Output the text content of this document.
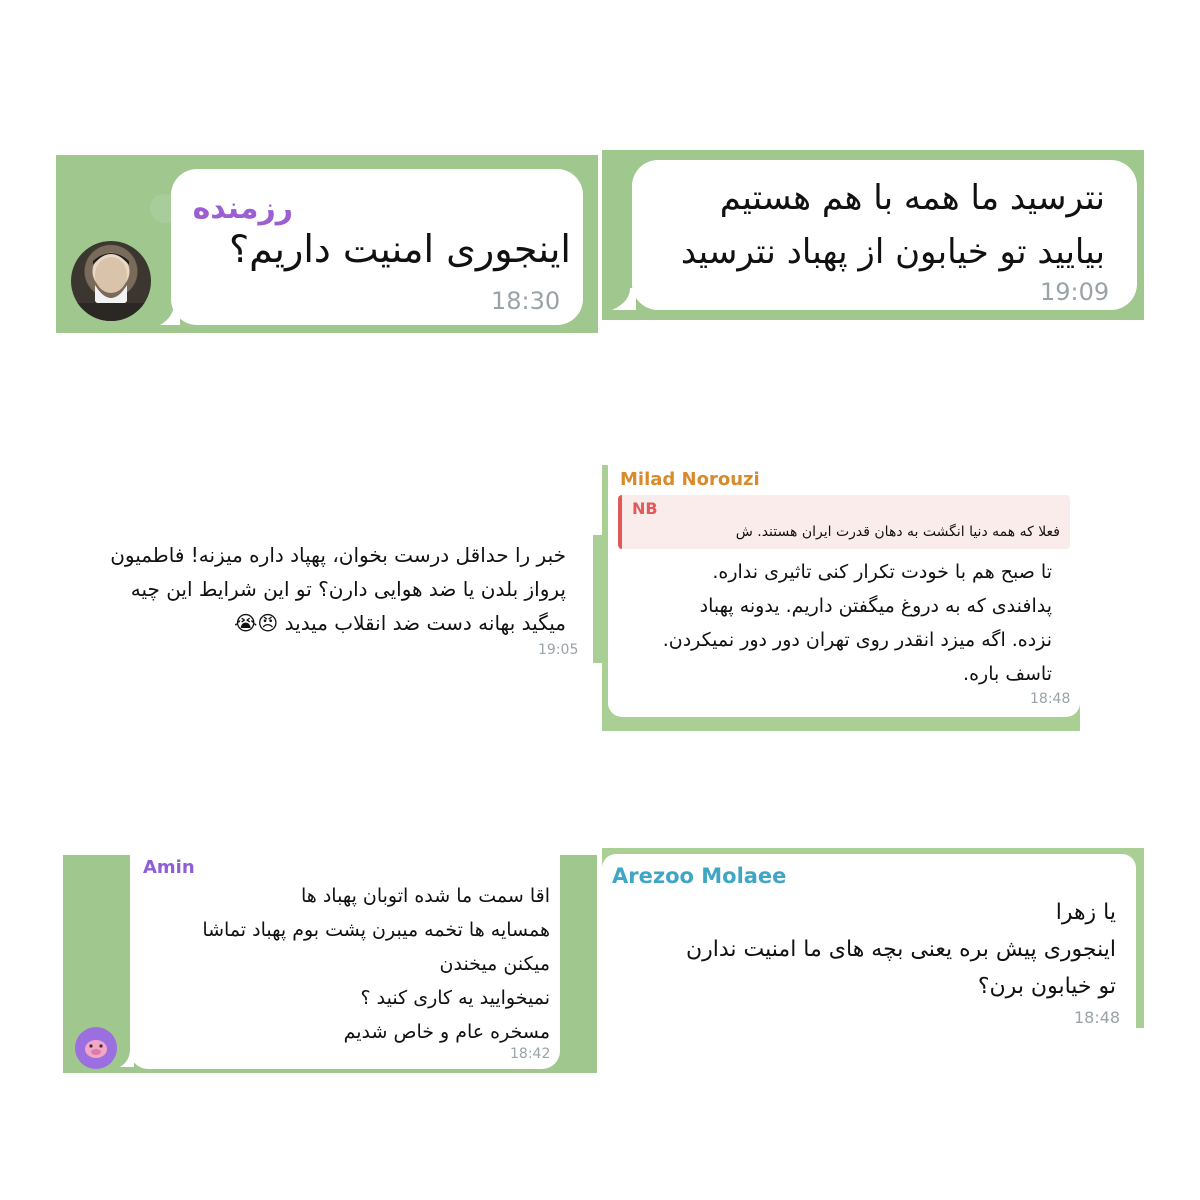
رزمنده
اینجوری امنیت داریم؟
18:30
نترسید ما همه با هم هستیم
بیایید تو خیابون از پهباد نترسید
19:09
خبر را حداقل درست بخوان، پهپاد داره میزنه! فاطمیون
پرواز بلدن یا ضد هوایی دارن؟ تو این شرایط این چیه
میگید بهانه دست ضد انقلاب میدید 😠😭
19:05
Milad Norouzi
NB
فعلا که همه دنیا انگشت به دهان قدرت ایران هستند. ش
تا صبح هم با خودت تکرار کنی تاثیری نداره.
پدافندی که به دروغ میگفتن داریم. یدونه پهباد
نزده. اگه میزد انقدر روی تهران دور دور نمیکردن.
تاسف باره.
18:48
Amin
اقا سمت ما شده اتوبان پهباد ها
همسایه ها تخمه میبرن پشت بوم پهباد تماشا
میکنن میخندن
نمیخوایید یه کاری کنید ؟
مسخره عام و خاص شدیم
18:42
Arezoo Molaee
یا زهرا
اینجوری پیش بره یعنی بچه های ما امنیت ندارن
تو خیابون برن؟
18:48
